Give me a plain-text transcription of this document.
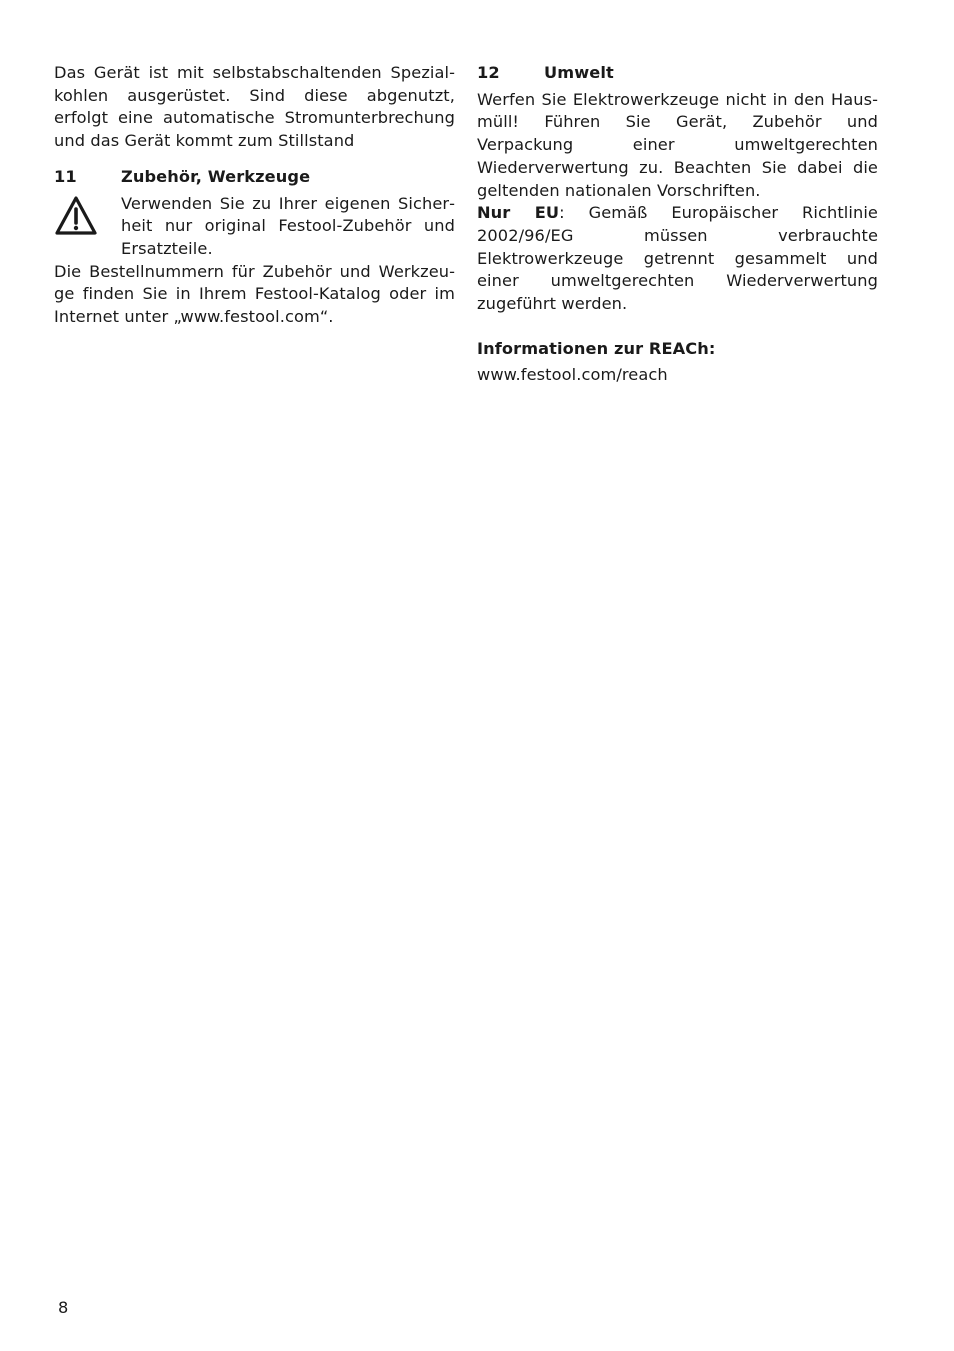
Das Gerät ist mit selbstabschaltenden Spezialkohlen ausgerüstet. Sind diese abgenutzt, erfolgt eine automatische Stromunterbrechung und das Gerät kommt zum Stillstand

11	Zubehör, Werkzeuge

Verwenden Sie zu Ihrer eigenen Sicherheit nur original Festool-Zubehör und Ersatzteile.

Die Bestellnummern für Zubehör und Werkzeuge finden Sie in Ihrem Festool-Katalog oder im Internet unter „www.festool.com“.

12	Umwelt

Werfen Sie Elektrowerkzeuge nicht in den Hausmüll! Führen Sie Gerät, Zubehör und Verpackung einer umweltgerechten Wiederverwertung zu. Beachten Sie dabei die geltenden nationalen Vorschriften.

Nur EU: Gemäß Europäischer Richtlinie 2002/96/​EG müssen verbrauchte Elektrowerkzeuge getrennt gesammelt und einer umweltgerechten Wiederverwertung zugeführt werden.

Informationen zur REACh:

www.festool.com/reach

8
